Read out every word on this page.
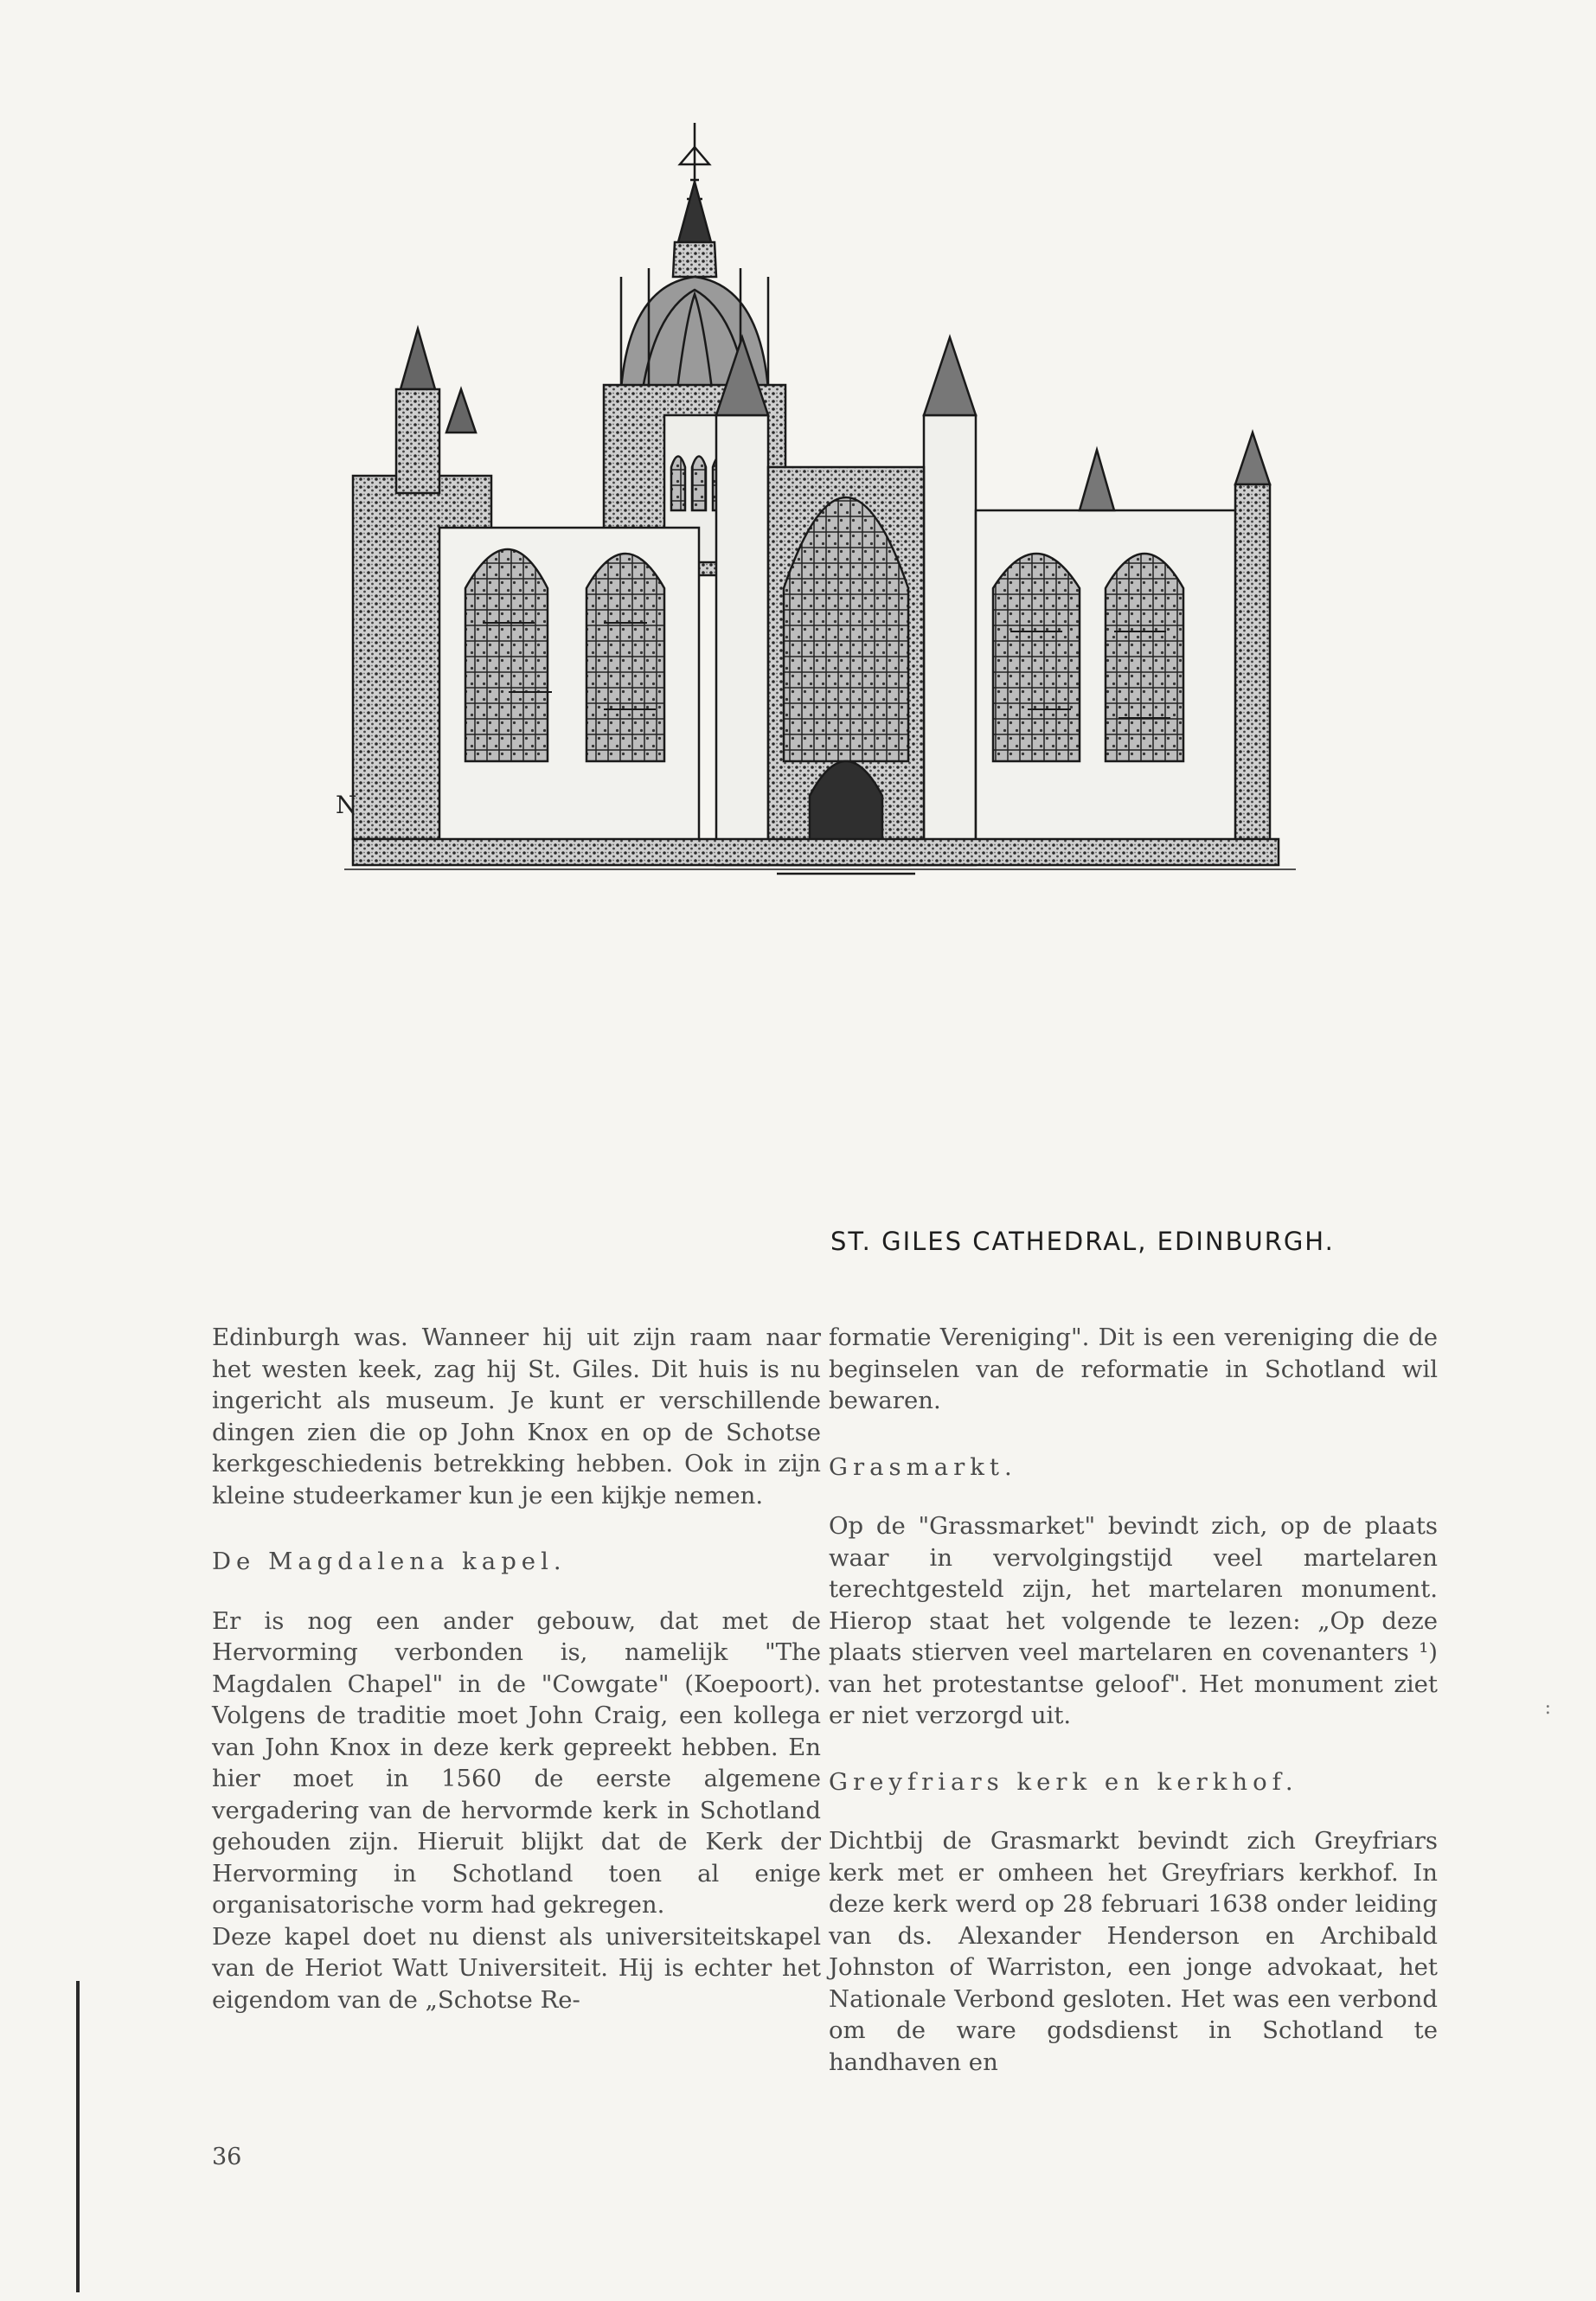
:
N

ST. GILES CATHEDRAL, EDINBURGH.

Edinburgh was. Wanneer hij uit zijn raam naar het westen keek, zag hij St. Giles. Dit huis is nu ingericht als museum. Je kunt er verschillende dingen zien die op John Knox en op de Schotse kerkgeschiedenis betrekking hebben. Ook in zijn kleine studeerkamer kun je een kijkje nemen.

De Magdalena kapel.

Er is nog een ander gebouw, dat met de Hervorming verbonden is, namelijk "The Magdalen Chapel" in de "Cowgate" (Koepoort). Volgens de traditie moet John Craig, een kollega van John Knox in deze kerk gepreekt hebben. En hier moet in 1560 de eerste algemene vergadering van de hervormde kerk in Schotland gehouden zijn. Hieruit blijkt dat de Kerk der Hervorming in Schotland toen al enige organisatorische vorm had gekregen.

Deze kapel doet nu dienst als universiteitskapel van de Heriot Watt Universiteit. Hij is echter het eigendom van de „Schotse Re-

formatie Vereniging". Dit is een vereniging die de beginselen van de reformatie in Schotland wil bewaren.

Grasmarkt.

Op de "Grassmarket" bevindt zich, op de plaats waar in vervolgingstijd veel martelaren terechtgesteld zijn, het martelaren monument. Hierop staat het volgende te lezen: „Op deze plaats stierven veel martelaren en covenanters ¹) van het protestantse geloof". Het monument ziet er niet verzorgd uit.

Greyfriars kerk en kerkhof.

Dichtbij de Grasmarkt bevindt zich Greyfriars kerk met er omheen het Greyfriars kerkhof. In deze kerk werd op 28 februari 1638 onder leiding van ds. Alexander Henderson en Archibald Johnston of Warriston, een jonge advokaat, het Nationale Verbond gesloten. Het was een verbond om de ware godsdienst in Schotland te handhaven en

36
